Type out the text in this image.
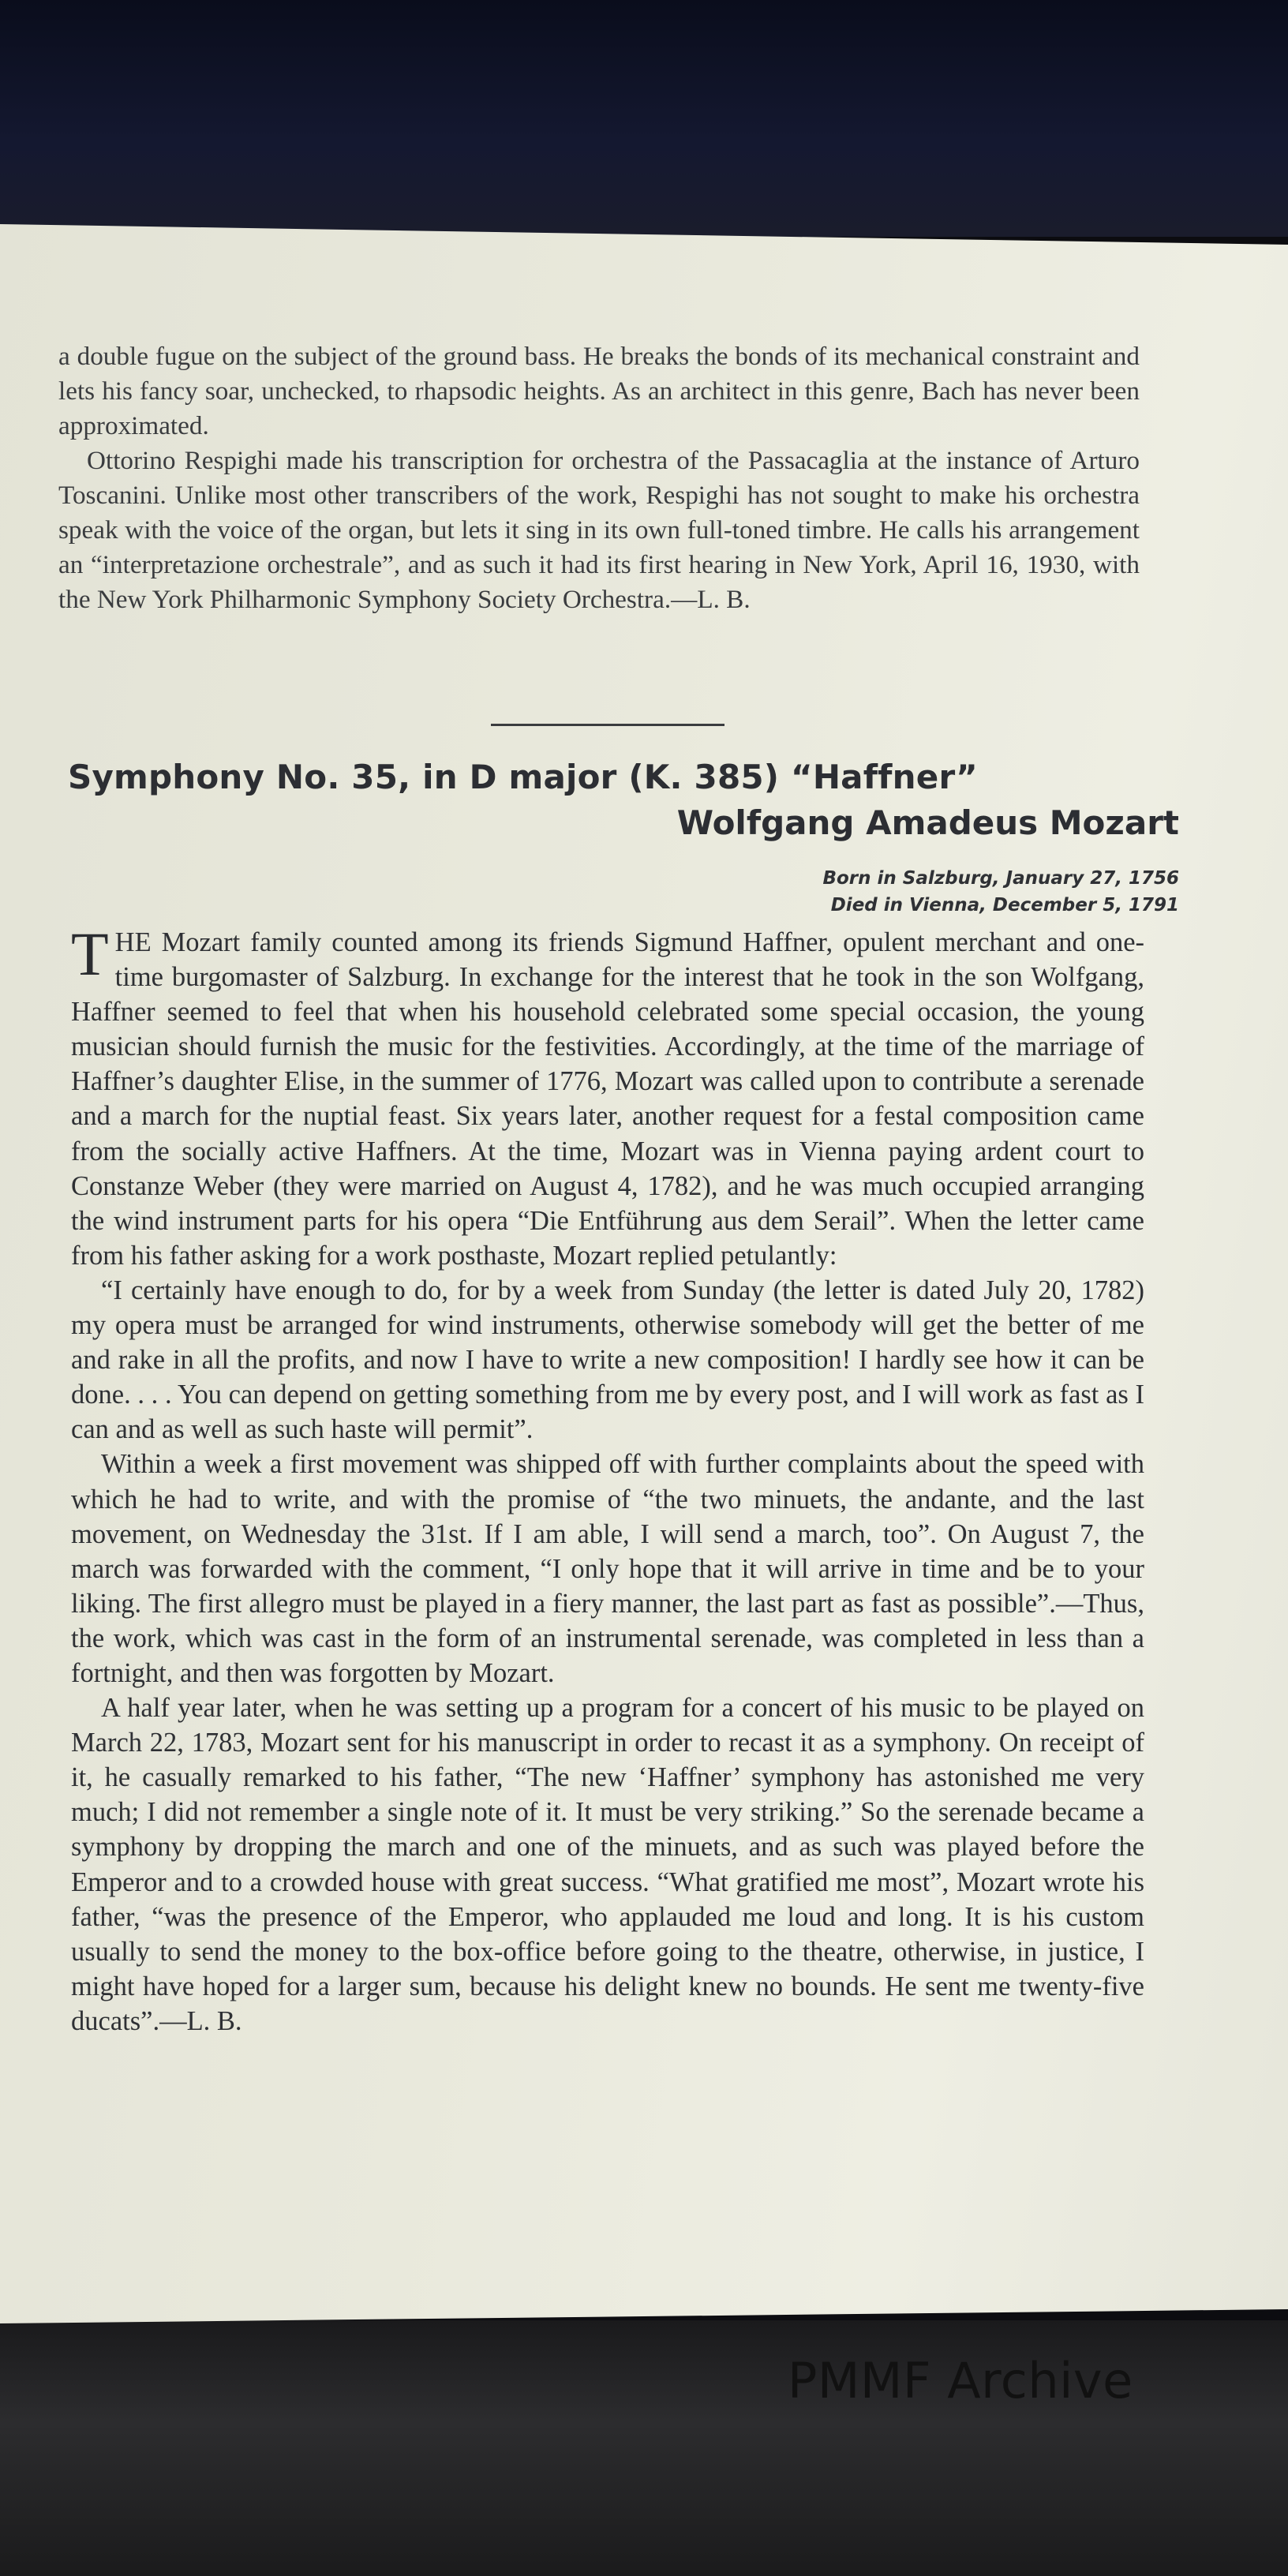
a double fugue on the subject of the ground bass. He breaks the bonds of its mechanical constraint and lets his fancy soar, unchecked, to rhapsodic heights. As an architect in this genre, Bach has never been approximated.
Ottorino Respighi made his transcription for orchestra of the Passacaglia at the instance of Arturo Toscanini. Unlike most other transcribers of the work, Respighi has not sought to make his orchestra speak with the voice of the organ, but lets it sing in its own full-toned timbre. He calls his arrangement an “interpretazione orchestrale”, and as such it had its first hearing in New York, April 16, 1930, with the New York Philharmonic Symphony Society Orchestra.—L. B.
Symphony No. 35, in D major (K. 385) “Haffner”
Wolfgang Amadeus Mozart
Born in Salzburg, January 27, 1756
Died in Vienna, December 5, 1791

THE Mozart family counted among its friends Sigmund Haffner, opulent merchant and one-time burgomaster of Salzburg. In exchange for the interest that he took in the son Wolfgang, Haffner seemed to feel that when his household celebrated some special occasion, the young musician should furnish the music for the festivities. Accordingly, at the time of the marriage of Haffner’s daughter Elise, in the summer of 1776, Mozart was called upon to contribute a serenade and a march for the nuptial feast. Six years later, another request for a festal composition came from the socially active Haffners. At the time, Mozart was in Vienna paying ardent court to Constanze Weber (they were married on August 4, 1782), and he was much occupied arranging the wind instrument parts for his opera “Die Entführung aus dem Serail”. When the letter came from his father asking for a work posthaste, Mozart replied petulantly:

“I certainly have enough to do, for by a week from Sunday (the letter is dated July 20, 1782) my opera must be arranged for wind instruments, otherwise somebody will get the better of me and rake in all the profits, and now I have to write a new composition! I hardly see how it can be done. . . . You can depend on getting something from me by every post, and I will work as fast as I can and as well as such haste will permit”.

Within a week a first movement was shipped off with further complaints about the speed with which he had to write, and with the promise of “the two minuets, the andante, and the last movement, on Wednesday the 31st. If I am able, I will send a march, too”. On August 7, the march was forwarded with the comment, “I only hope that it will arrive in time and be to your liking. The first allegro must be played in a fiery manner, the last part as fast as possible”.—Thus, the work, which was cast in the form of an instrumental serenade, was completed in less than a fortnight, and then was forgotten by Mozart.

A half year later, when he was setting up a program for a concert of his music to be played on March 22, 1783, Mozart sent for his manuscript in order to recast it as a symphony. On receipt of it, he casually remarked to his father, “The new ‘Haffner’ symphony has astonished me very much; I did not remember a single note of it. It must be very striking.” So the serenade became a symphony by dropping the march and one of the minuets, and as such was played before the Emperor and to a crowded house with great success. “What gratified me most”, Mozart wrote his father, “was the presence of the Emperor, who applauded me loud and long. It is his custom usually to send the money to the box-office before going to the theatre, otherwise, in justice, I might have hoped for a larger sum, because his delight knew no bounds. He sent me twenty-five ducats”.—L. B.

PMMF Archive
